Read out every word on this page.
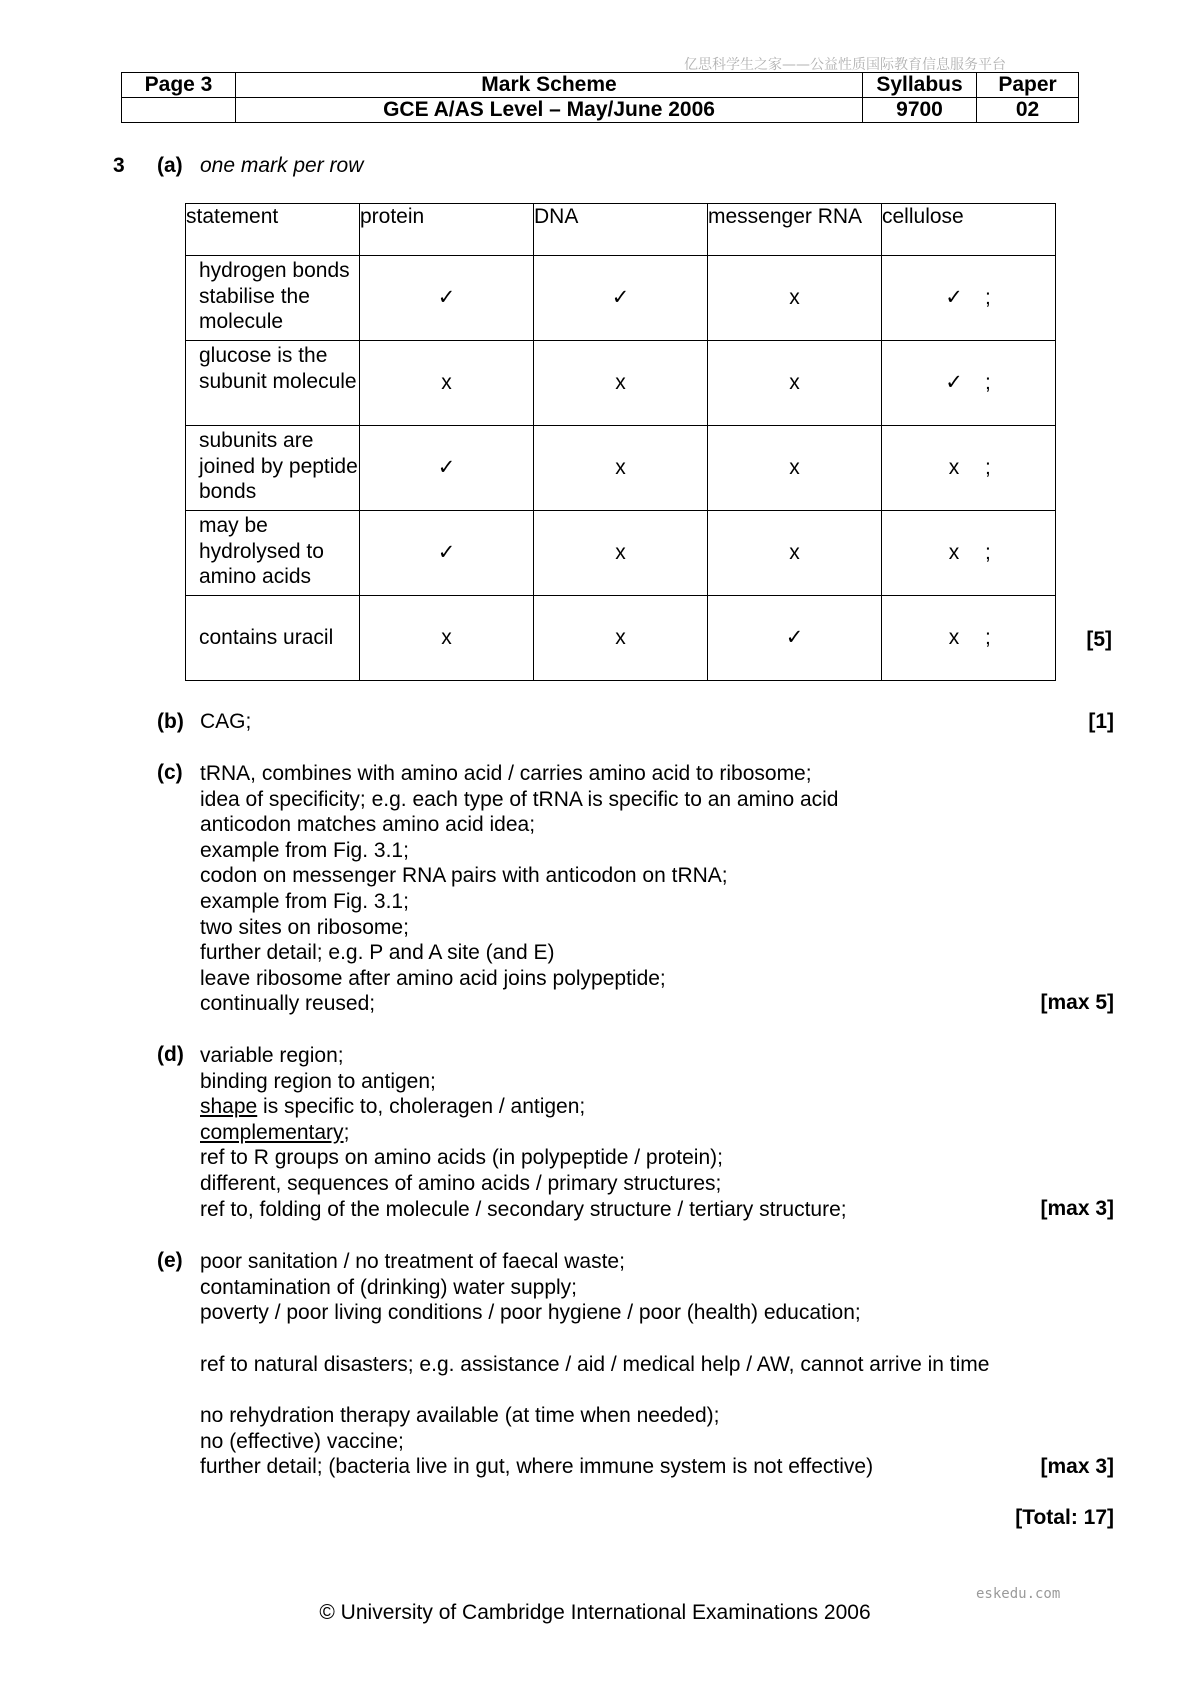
亿思科学生之家——公益性质国际教育信息服务平台
Page 3	Mark Scheme	Syllabus	Paper
	GCE A/AS Level – May/June 2006	9700	02
3 (a) one mark per row
statement	protein	DNA	messenger RNA	cellulose
hydrogen bonds stabilise the molecule	✓	✓	x	✓ ;

glucose is the subunit molecule	x	x	x	✓ ;

subunits are joined by peptide bonds	✓	x	x	x ;

may be hydrolysed to amino acids	✓	x	x	x ;

contains uracil	x	x	✓	x ;	[5]
(b) CAG;	[1]
(c) tRNA, combines with amino acid / carries amino acid to ribosome;
idea of specificity; e.g. each type of tRNA is specific to an amino acid
anticodon matches amino acid idea;
example from Fig. 3.1;
codon on messenger RNA pairs with anticodon on tRNA;
example from Fig. 3.1;
two sites on ribosome;
further detail; e.g. P and A site (and E)
leave ribosome after amino acid joins polypeptide;
continually reused;	[max 5]
(d) variable region;
binding region to antigen;
shape is specific to, choleragen / antigen;
complementary;
ref to R groups on amino acids (in polypeptide / protein);
different, sequences of amino acids / primary structures;
ref to, folding of the molecule / secondary structure / tertiary structure;	[max 3]
(e) poor sanitation / no treatment of faecal waste;
contamination of (drinking) water supply;
poverty / poor living conditions / poor hygiene / poor (health) education;
ref to natural disasters; e.g. assistance / aid / medical help / AW, cannot arrive in time
no rehydration therapy available (at time when needed);
no (effective) vaccine;
further detail; (bacteria live in gut, where immune system is not effective)	[max 3]
[Total: 17]
eskedu.com
© University of Cambridge International Examinations 2006
